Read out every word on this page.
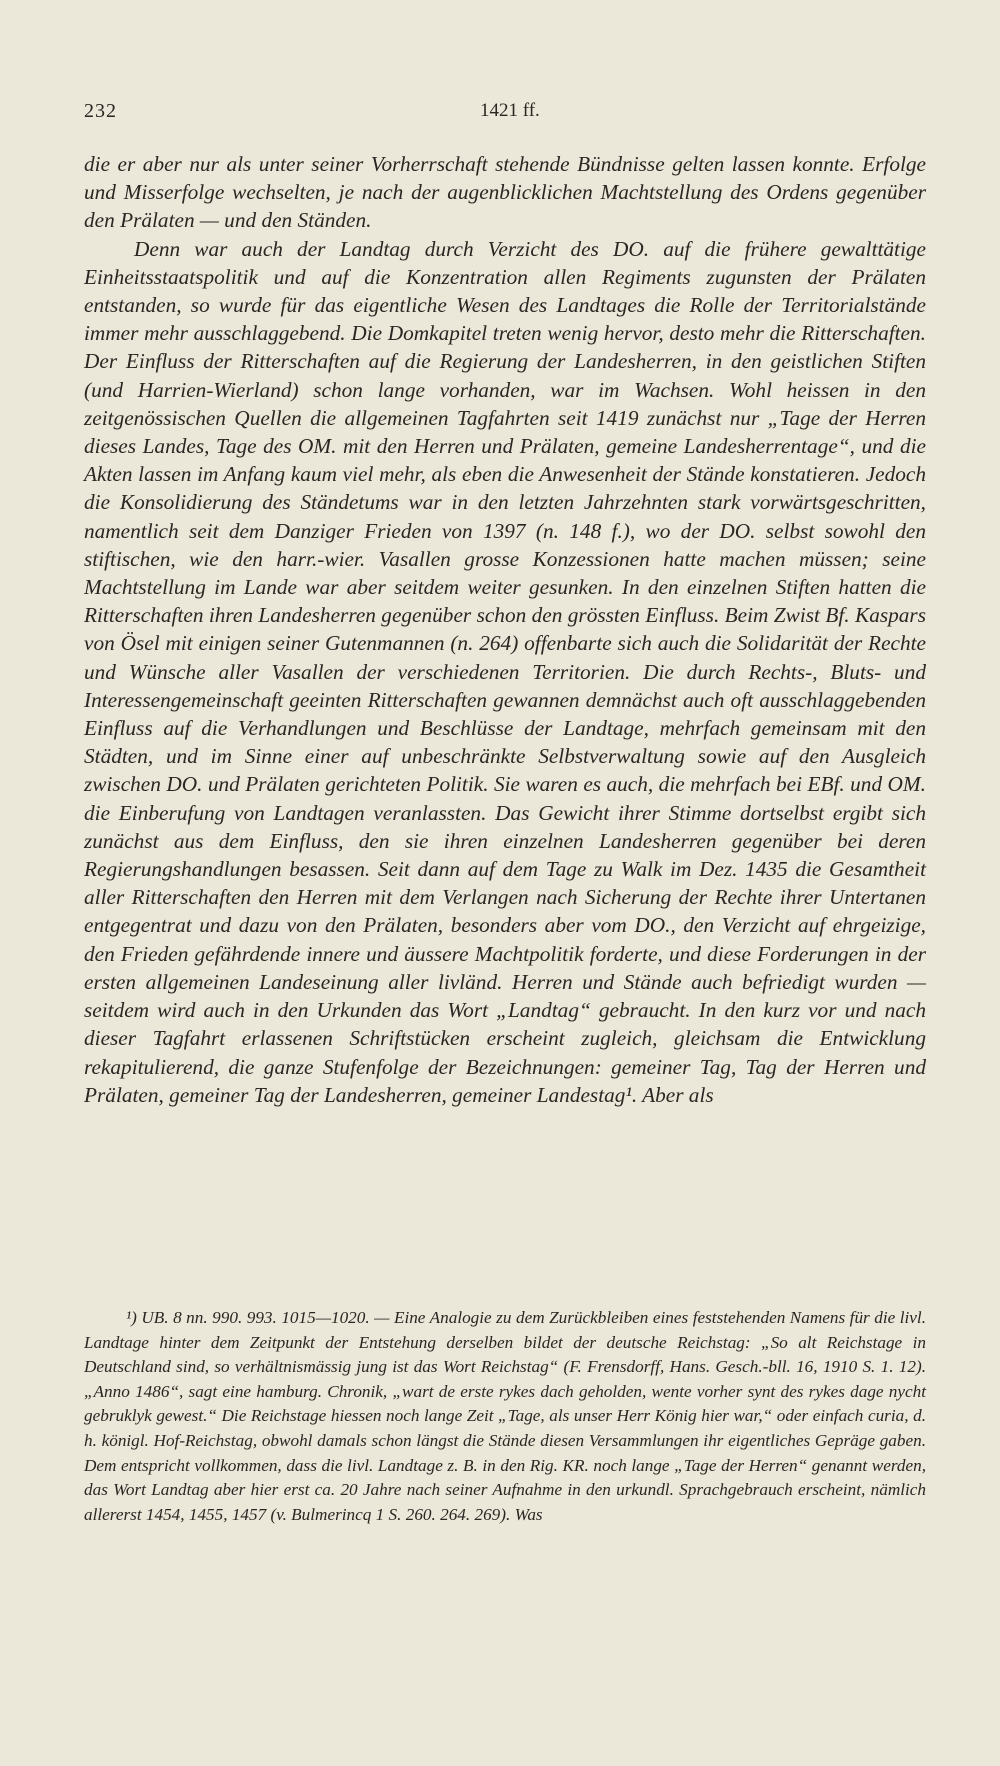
232	1421 ff.

die er aber nur als unter seiner Vorherrschaft stehende Bündnisse gelten lassen konnte. Erfolge und Misserfolge wechselten, je nach der augenblicklichen Machtstellung des Ordens gegenüber den Prälaten — und den Ständen.

Denn war auch der Landtag durch Verzicht des DO. auf die frühere gewalttätige Einheitsstaatspolitik und auf die Konzentration allen Regiments zugunsten der Prälaten entstanden, so wurde für das eigentliche Wesen des Landtages die Rolle der Territorialstände immer mehr ausschlaggebend. Die Domkapitel treten wenig hervor, desto mehr die Ritterschaften. Der Einfluss der Ritterschaften auf die Regierung der Landesherren, in den geistlichen Stiften (und Harrien-Wierland) schon lange vorhanden, war im Wachsen. Wohl heissen in den zeitgenössischen Quellen die allgemeinen Tagfahrten seit 1419 zunächst nur „Tage der Herren dieses Landes, Tage des OM. mit den Herren und Prälaten, gemeine Landesherrentage“, und die Akten lassen im Anfang kaum viel mehr, als eben die Anwesenheit der Stände konstatieren. Jedoch die Konsolidierung des Ständetums war in den letzten Jahrzehnten stark vorwärtsgeschritten, namentlich seit dem Danziger Frieden von 1397 (n. 148 f.), wo der DO. selbst sowohl den stiftischen, wie den harr.-wier. Vasallen grosse Konzessionen hatte machen müssen; seine Machtstellung im Lande war aber seitdem weiter gesunken. In den einzelnen Stiften hatten die Ritterschaften ihren Landesherren gegenüber schon den grössten Einfluss. Beim Zwist Bf. Kaspars von Ösel mit einigen seiner Gutenmannen (n. 264) offenbarte sich auch die Solidarität der Rechte und Wünsche aller Vasallen der verschiedenen Territorien. Die durch Rechts-, Bluts- und Interessengemeinschaft geeinten Ritterschaften gewannen demnächst auch oft ausschlaggebenden Einfluss auf die Verhandlungen und Beschlüsse der Landtage, mehrfach gemeinsam mit den Städten, und im Sinne einer auf unbeschränkte Selbstverwaltung sowie auf den Ausgleich zwischen DO. und Prälaten gerichteten Politik. Sie waren es auch, die mehrfach bei EBf. und OM. die Einberufung von Landtagen veranlassten. Das Gewicht ihrer Stimme dortselbst ergibt sich zunächst aus dem Einfluss, den sie ihren einzelnen Landesherren gegenüber bei deren Regierungshandlungen besassen. Seit dann auf dem Tage zu Walk im Dez. 1435 die Gesamtheit aller Ritterschaften den Herren mit dem Verlangen nach Sicherung der Rechte ihrer Untertanen entgegentrat und dazu von den Prälaten, besonders aber vom DO., den Verzicht auf ehrgeizige, den Frieden gefährdende innere und äussere Machtpolitik forderte, und diese Forderungen in der ersten allgemeinen Landeseinung aller livländ. Herren und Stände auch befriedigt wurden — seitdem wird auch in den Urkunden das Wort „Landtag“ gebraucht. In den kurz vor und nach dieser Tagfahrt erlassenen Schriftstücken erscheint zugleich, gleichsam die Entwicklung rekapitulierend, die ganze Stufenfolge der Bezeichnungen: gemeiner Tag, Tag der Herren und Prälaten, gemeiner Tag der Landesherren, gemeiner Landestag¹. Aber als

¹) UB. 8 nn. 990. 993. 1015—1020. — Eine Analogie zu dem Zurückbleiben eines feststehenden Namens für die livl. Landtage hinter dem Zeitpunkt der Entstehung derselben bildet der deutsche Reichstag: „So alt Reichstage in Deutschland sind, so verhältnismässig jung ist das Wort Reichstag“ (F. Frensdorff, Hans. Gesch.-bll. 16, 1910 S. 1. 12). „Anno 1486“, sagt eine hamburg. Chronik, „wart de erste rykes dach geholden, wente vorher synt des rykes dage nycht gebruklyk gewest.“ Die Reichstage hiessen noch lange Zeit „Tage, als unser Herr König hier war,“ oder einfach curia, d. h. königl. Hof-Reichstag, obwohl damals schon längst die Stände diesen Versammlungen ihr eigentliches Gepräge gaben. Dem entspricht vollkommen, dass die livl. Landtage z. B. in den Rig. KR. noch lange „Tage der Herren“ genannt werden, das Wort Landtag aber hier erst ca. 20 Jahre nach seiner Aufnahme in den urkundl. Sprachgebrauch erscheint, nämlich allererst 1454, 1455, 1457 (v. Bulmerincq 1 S. 260. 264. 269). Was
